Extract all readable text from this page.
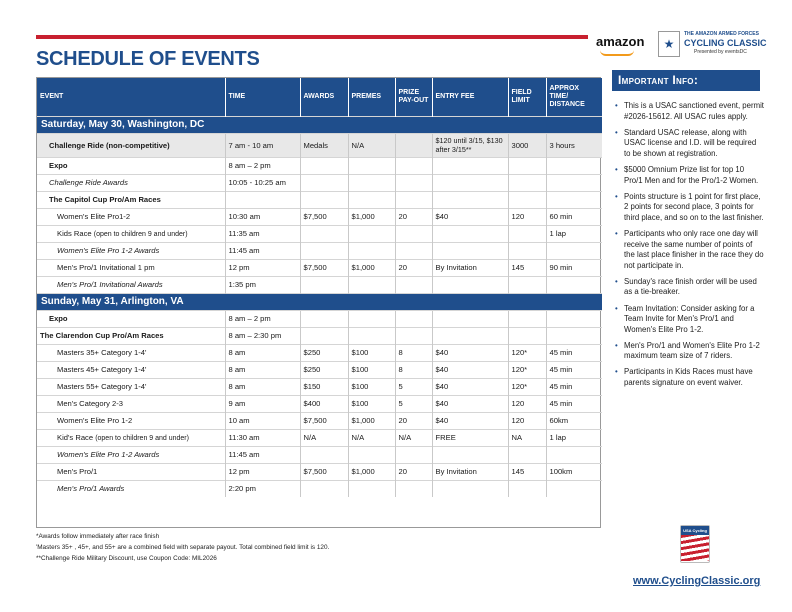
SCHEDULE OF EVENTS
amazon	★
THE AMAZON ARMED FORCES
CYCLING CLASSIC
Presented by eventsDC
EVENT	TIME	AWARDS	PREMES	PRIZE PAY-OUT	ENTRY FEE	FIELD LIMIT	APPROX TIME/ DISTANCE
Saturday, May 30, Washington, DC							
Challenge Ride (non-competitive)	7 am - 10 am	Medals	N/A		$120 until 3/15, $130 after 3/15**	3000	3 hours
Expo	8 am – 2 pm						
Challenge Ride Awards	10:05 - 10:25 am						
The Capitol Cup Pro/Am Races							
Women's Elite Pro1-2	10:30 am	$7,500	$1,000	20	$40	120	60 min
Kids Race (open to children 9 and under)	11:35 am						1 lap
Women's Elite Pro 1-2 Awards	11:45 am						
Men's Pro/1 Invitational 1 pm	12 pm	$7,500	$1,000	20	By Invitation	145	90 min
Men's Pro/1 Invitational Awards	1:35 pm						
Sunday, May 31, Arlington, VA							
Expo	8 am – 2 pm						
The Clarendon Cup Pro/Am Races	8 am – 2:30 pm						
Masters 35+ Category 1-4'	8 am	$250	$100	8	$40	120*	45 min
Masters 45+ Category 1-4'	8 am	$250	$100	8	$40	120*	45 min
Masters 55+ Category 1-4'	8 am	$150	$100	5	$40	120*	45 min
Men's Category 2-3	9 am	$400	$100	5	$40	120	45 min
Women's Elite Pro 1-2	10 am	$7,500	$1,000	20	$40	120	60km
Kid's Race (open to children 9 and under)	11:30 am	N/A	N/A	N/A	FREE	NA	1 lap
Women's Elite Pro 1-2 Awards	11:45 am						
Men's Pro/1	12 pm	$7,500	$1,000	20	By Invitation	145	100km
Men's Pro/1 Awards	2:20 pm						
*Awards follow immediately after race finish
'Masters 35+ , 45+, and 55+ are a combined field with separate payout. Total combined field limit is 120.
**Challenge Ride Military Discount, use Coupon Code: MIL2026
Important Info:
• This is a USAC sanctioned event, permit #2026-15612. All USAC rules apply.
• Standard USAC release, along with USAC license and I.D. will be required to be shown at registration.
• $5000 Omnium Prize list for top 10 Pro/1 Men and for the Pro/1-2 Women.
• Points structure is 1 point for first place, 2 points for second place, 3 points for third place, and so on to the last finisher.
• Participants who only race one day will receive the same number of points of the last place finisher in the race they do not participate in.
• Sunday's race finish order will be used as a tie-breaker.
• Team Invitation: Consider asking for a Team Invite for Men's Pro/1 and Women's Elite Pro 1-2.
• Men's Pro/1 and Women's Elite Pro 1-2 maximum team size of 7 riders.
• Participants in Kids Races must have parents signature on event waiver.
USA Cycling
www.CyclingClassic.org
